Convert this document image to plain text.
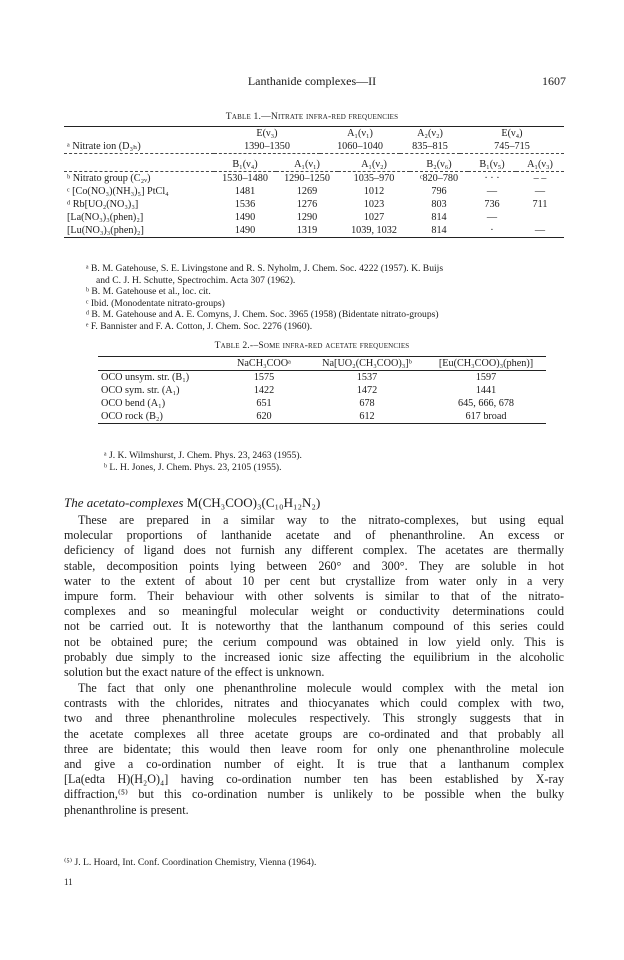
Lanthanide complexes—II	1607
Table 1.—Nitrate infra-red frequencies
	E(ν₃)	A₁(ν₁)	A₂(ν₂)	E(ν₄)
ᵃ Nitrate ion (D₃ₕ)	1390–1350	1060–1040	835–815	745–715
	B₁(ν₄)	A₁(ν₁)	A₁(ν₂)	B₂(ν₆)	B₁(ν₅)	A₁(ν₃)
ᵇ Nitrato group (C₂ᵥ)	1530–1480	1290–1250	1035–970	ᶜ820–780	· · ·	– –
ᶜ [Co(NO₃)(NH₃)₅] PtCl₄	1481	1269	1012	796	—	—
ᵈ Rb[UO₂(NO₃)₃]	1536	1276	1023	803	736	711
[La(NO₃)₃(phen)₂]	1490	1290	1027	814	—	
[Lu(NO₃)₃(phen)₂]	1490	1319	1039, 1032	814	·	—
ᵃ B. M. Gatehouse, S. E. Livingstone and R. S. Nyholm, J. Chem. Soc. 4222 (1957). K. Buijs
and C. J. H. Schutte, Spectrochim. Acta 307 (1962).
ᵇ B. M. Gatehouse et al., loc. cit.
ᶜ Ibid. (Monodentate nitrato-groups)
ᵈ B. M. Gatehouse and A. E. Comyns, J. Chem. Soc. 3965 (1958) (Bidentate nitrato-groups)
ᵉ F. Bannister and F. A. Cotton, J. Chem. Soc. 2276 (1960).
Table 2.-–Some infra-red acetate frequencies
	NaCH₃COOᵃ	Na[UO₂(CH₃COO)₃]ᵇ	[Eu(CH₃COO)₃(phen)]
OCO unsym. str. (B₁)	1575	1537	1597
OCO sym. str. (A₁)	1422	1472	1441
OCO bend (A₁)	651	678	645, 666, 678
OCO rock (B₂)	620	612	617 broad
ᵃ J. K. Wilmshurst, J. Chem. Phys. 23, 2463 (1955).
ᵇ L. H. Jones, J. Chem. Phys. 23, 2105 (1955).
The acetato-complexes M(CH₃COO)₃(C₁₀H₁₂N₂)
These are prepared in a similar way to the nitrato-complexes, but using equal
molecular proportions of lanthanide acetate and of phenanthroline. An excess or
deficiency of ligand does not furnish any different complex. The acetates are thermally
stable, decomposition points lying between 260° and 300°. They are soluble in hot
water to the extent of about 10 per cent but crystallize from water only in a very
impure form. Their behaviour with other solvents is similar to that of the nitrato-
complexes and so meaningful molecular weight or conductivity determinations could
not be carried out. It is noteworthy that the lanthanum compound of this series could
not be obtained pure; the cerium compound was obtained in low yield only. This is
probably due simply to the increased ionic size affecting the equilibrium in the alcoholic
solution but the exact nature of the effect is unknown.
The fact that only one phenanthroline molecule would complex with the metal ion
contrasts with the chlorides, nitrates and thiocyanates which could complex with two,
two and three phenanthroline molecules respectively. This strongly suggests that in
the acetate complexes all three acetate groups are co-ordinated and that probably all
three are bidentate; this would then leave room for only one phenanthroline molecule
and give a co-ordination number of eight. It is true that a lanthanum complex
[La(edta H)(H₂O)₄] having co-ordination number ten has been established by X-ray
diffraction,⁽⁵⁾ but this co-ordination number is unlikely to be possible when the bulky
phenanthroline is present.
⁽⁵⁾ J. L. Hoard, Int. Conf. Coordination Chemistry, Vienna (1964).
11
